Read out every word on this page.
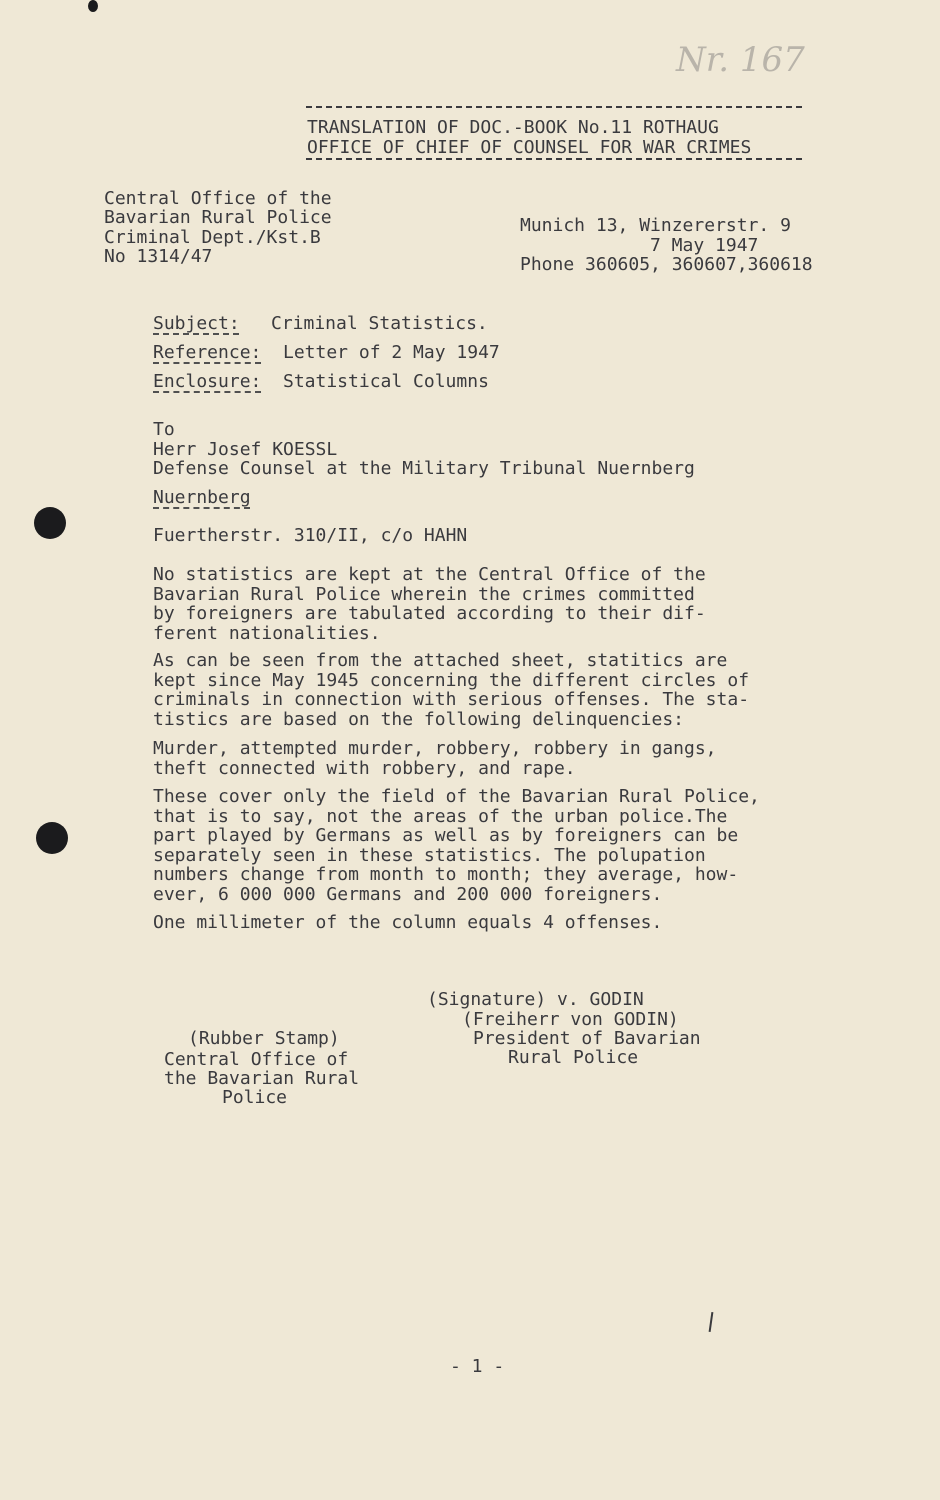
Nr. 167
TRANSLATION OF DOC.-BOOK No.11 ROTHAUG
OFFICE OF CHIEF OF COUNSEL FOR WAR CRIMES
Central Office of the
Bavarian Rural Police
Criminal Dept./Kst.B
No 1314/47
Munich 13, Winzererstr. 9
7 May 1947
Phone 360605, 360607,360618
Subject: Criminal Statistics.
Reference: Letter of 2 May 1947
Enclosure: Statistical Columns
To
Herr Josef KOESSL
Defense Counsel at the Military Tribunal Nuernberg
Nuernberg
Fuertherstr. 310/II, c/o HAHN

No statistics are kept at the Central Office of the
Bavarian Rural Police wherein the crimes committed
by foreigners are tabulated according to their dif-
ferent nationalities.

As can be seen from the attached sheet, statitics are
kept since May 1945 concerning the different circles of
criminals in connection with serious offenses. The sta-
tistics are based on the following delinquencies:

Murder, attempted murder, robbery, robbery in gangs,
theft connected with robbery, and rape.

These cover only the field of the Bavarian Rural Police,
that is to say, not the areas of the urban police.The
part played by Germans as well as by foreigners can be
separately seen in these statistics. The polupation
numbers change from month to month; they average, how-
ever, 6 000 000 Germans and 200 000 foreigners.

One millimeter of the column equals 4 offenses.

(Signature) v. GODIN
(Freiherr von GODIN)
President of Bavarian
Rural Police
(Rubber Stamp)
Central Office of
the Bavarian Rural
Police
- 1 -
